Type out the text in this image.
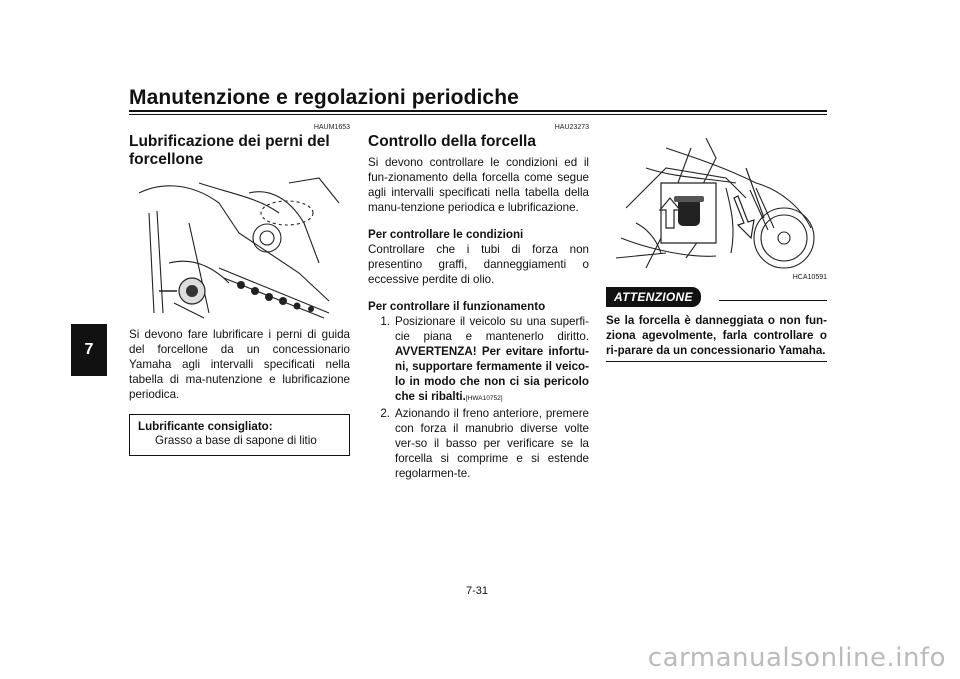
Manutenzione e regolazioni periodiche
7
HAUM1653
Lubrificazione dei perni del forcellone

Si devono fare lubrificare i perni di guida del forcellone da un concessionario Yamaha agli intervalli specificati nella tabella di ma-nutenzione e lubrificazione periodica.

Lubrificante consigliato:
Grasso a base di sapone di litio
HAU23273
Controllo della forcella

Si devono controllare le condizioni ed il fun-zionamento della forcella come segue agli intervalli specificati nella tabella della manu-tenzione periodica e lubrificazione.

Per controllare le condizioni

Controllare che i tubi di forza non presentino graffi, danneggiamenti o eccessive perdite di olio.

Per controllare il funzionamento
1. Posizionare il veicolo su una superfi-cie piana e mantenerlo diritto. AVVERTENZA! Per evitare infortu-ni, supportare fermamente il veico-lo in modo che non ci sia pericolo che si ribalti.[HWA10752]
2. Azionando il freno anteriore, premere con forza il manubrio diverse volte ver-so il basso per verificare se la forcella si comprime e si estende regolarmen-te.
HCA10591
ATTENZIONE
Se la forcella è danneggiata o non fun-ziona agevolmente, farla controllare o ri-parare da un concessionario Yamaha.
7-31
carmanualsonline.info
